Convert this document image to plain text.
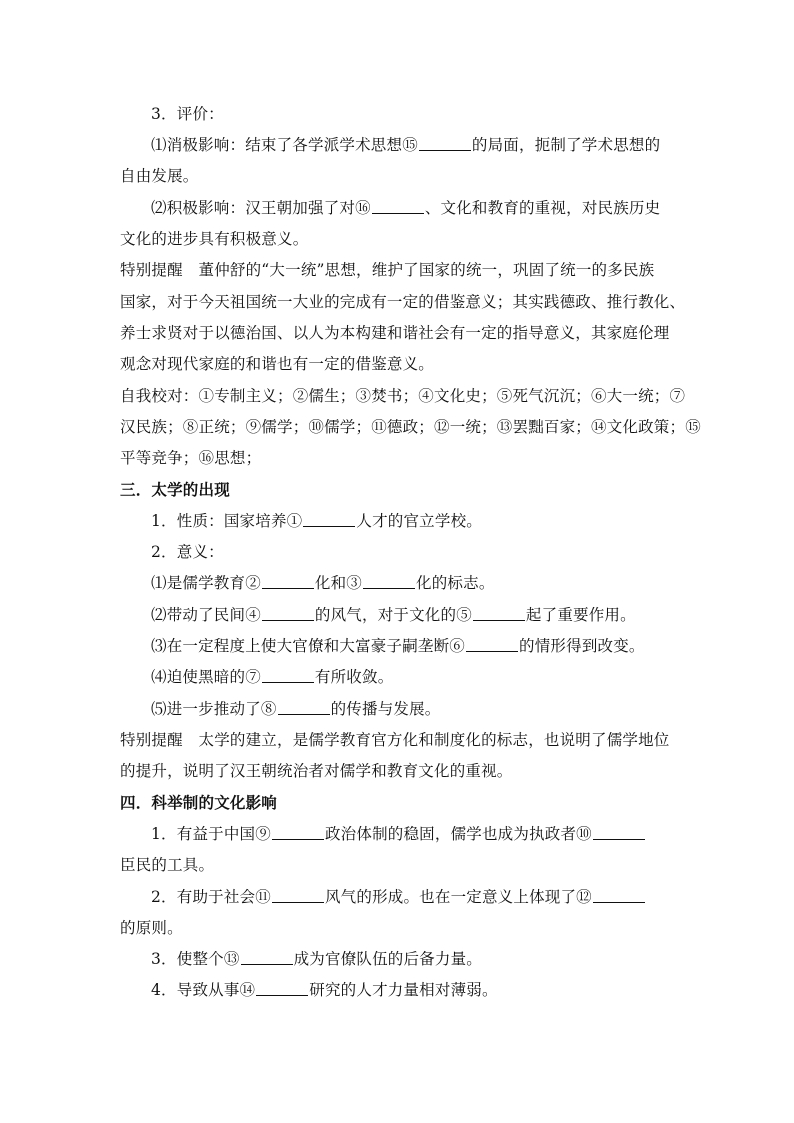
3．评价：
⑴消极影响：结束了各学派学术思想⑮	的局面，扼制了学术思想的
自由发展。
⑵积极影响：汉王朝加强了对⑯	、文化和教育的重视，对民族历史
文化的进步具有积极意义。
特别提醒　董仲舒的“大一统”思想，维护了国家的统一，巩固了统一的多民族
国家，对于今天祖国统一大业的完成有一定的借鉴意义；其实践德政、推行教化、
养士求贤对于以德治国、以人为本构建和谐社会有一定的指导意义，其家庭伦理
观念对现代家庭的和谐也有一定的借鉴意义。
自我校对：①专制主义；②儒生；③焚书；④文化史；⑤死气沉沉；⑥大一统；⑦
汉民族；⑧正统；⑨儒学；⑩儒学；⑪德政；⑫一统；⑬罢黜百家；⑭文化政策；⑮
平等竞争；⑯思想；
三．太学的出现
1．性质：国家培养①	人才的官立学校。
2．意义：
⑴是儒学教育②	化和③	化的标志。
⑵带动了民间④	的风气，对于文化的⑤	起了重要作用。
⑶在一定程度上使大官僚和大富豪子嗣垄断⑥	的情形得到改变。
⑷迫使黑暗的⑦	有所收敛。
⑸进一步推动了⑧	的传播与发展。
特别提醒　太学的建立，是儒学教育官方化和制度化的标志，也说明了儒学地位
的提升，说明了汉王朝统治者对儒学和教育文化的重视。
四．科举制的文化影响
1．有益于中国⑨	政治体制的稳固，儒学也成为执政者⑩
臣民的工具。
2．有助于社会⑪	风气的形成。也在一定意义上体现了⑫
的原则。
3．使整个⑬	成为官僚队伍的后备力量。
4．导致从事⑭	研究的人才力量相对薄弱。
